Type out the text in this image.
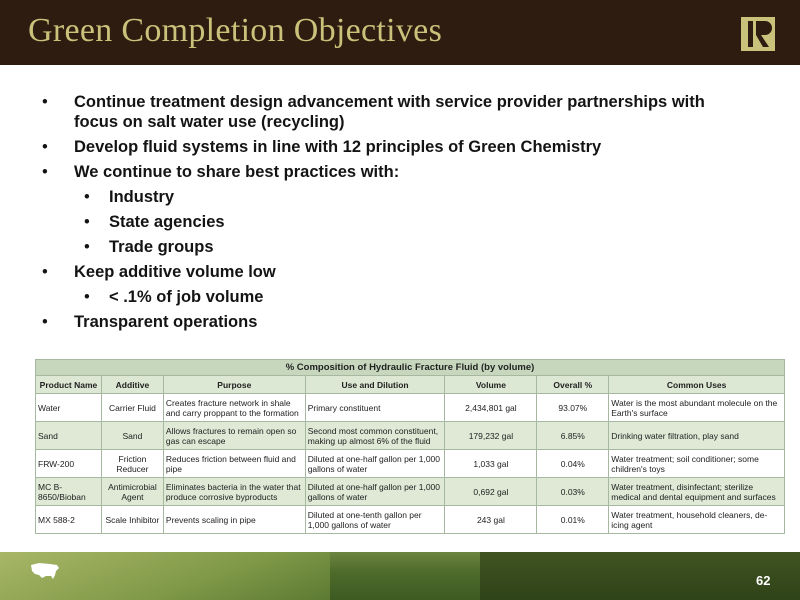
Green Completion Objectives
•	Continue treatment design advancement with service provider partnerships with focus on salt water use (recycling)
•	Develop fluid systems in line with 12 principles of Green Chemistry
•	We continue to share best practices with:
•	Industry
•	State agencies
•	Trade groups
•	Keep additive volume low
•	< .1% of job volume
•	Transparent operations
% Composition of Hydraulic Fracture Fluid (by volume)						
Product Name	Additive	Purpose	Use and Dilution	Volume	Overall %	Common Uses
Water	Carrier Fluid	Creates fracture network in shale and carry proppant to the formation	Primary constituent	2,434,801 gal	93.07%	Water is the most abundant molecule on the Earth's surface
Sand	Sand	Allows fractures to remain open so gas can escape	Second most common constituent, making up almost 6% of the fluid	179,232 gal	6.85%	Drinking water filtration, play sand
FRW-200	Friction Reducer	Reduces friction between fluid and pipe	Diluted at one-half gallon per 1,000 gallons of water	1,033 gal	0.04%	Water treatment; soil conditioner; some children's toys
MC B-8650/Bioban	Antimicrobial Agent	Eliminates bacteria in the water that produce corrosive byproducts	Diluted at one-half gallon per 1,000 gallons of water	0,692 gal	0.03%	Water treatment, disinfectant; sterilize medical and dental equipment and surfaces
MX 588-2	Scale Inhibitor	Prevents scaling in pipe	Diluted at one-tenth gallon per 1,000 gallons of water	243 gal	0.01%	Water treatment, household cleaners, de-icing agent
62
